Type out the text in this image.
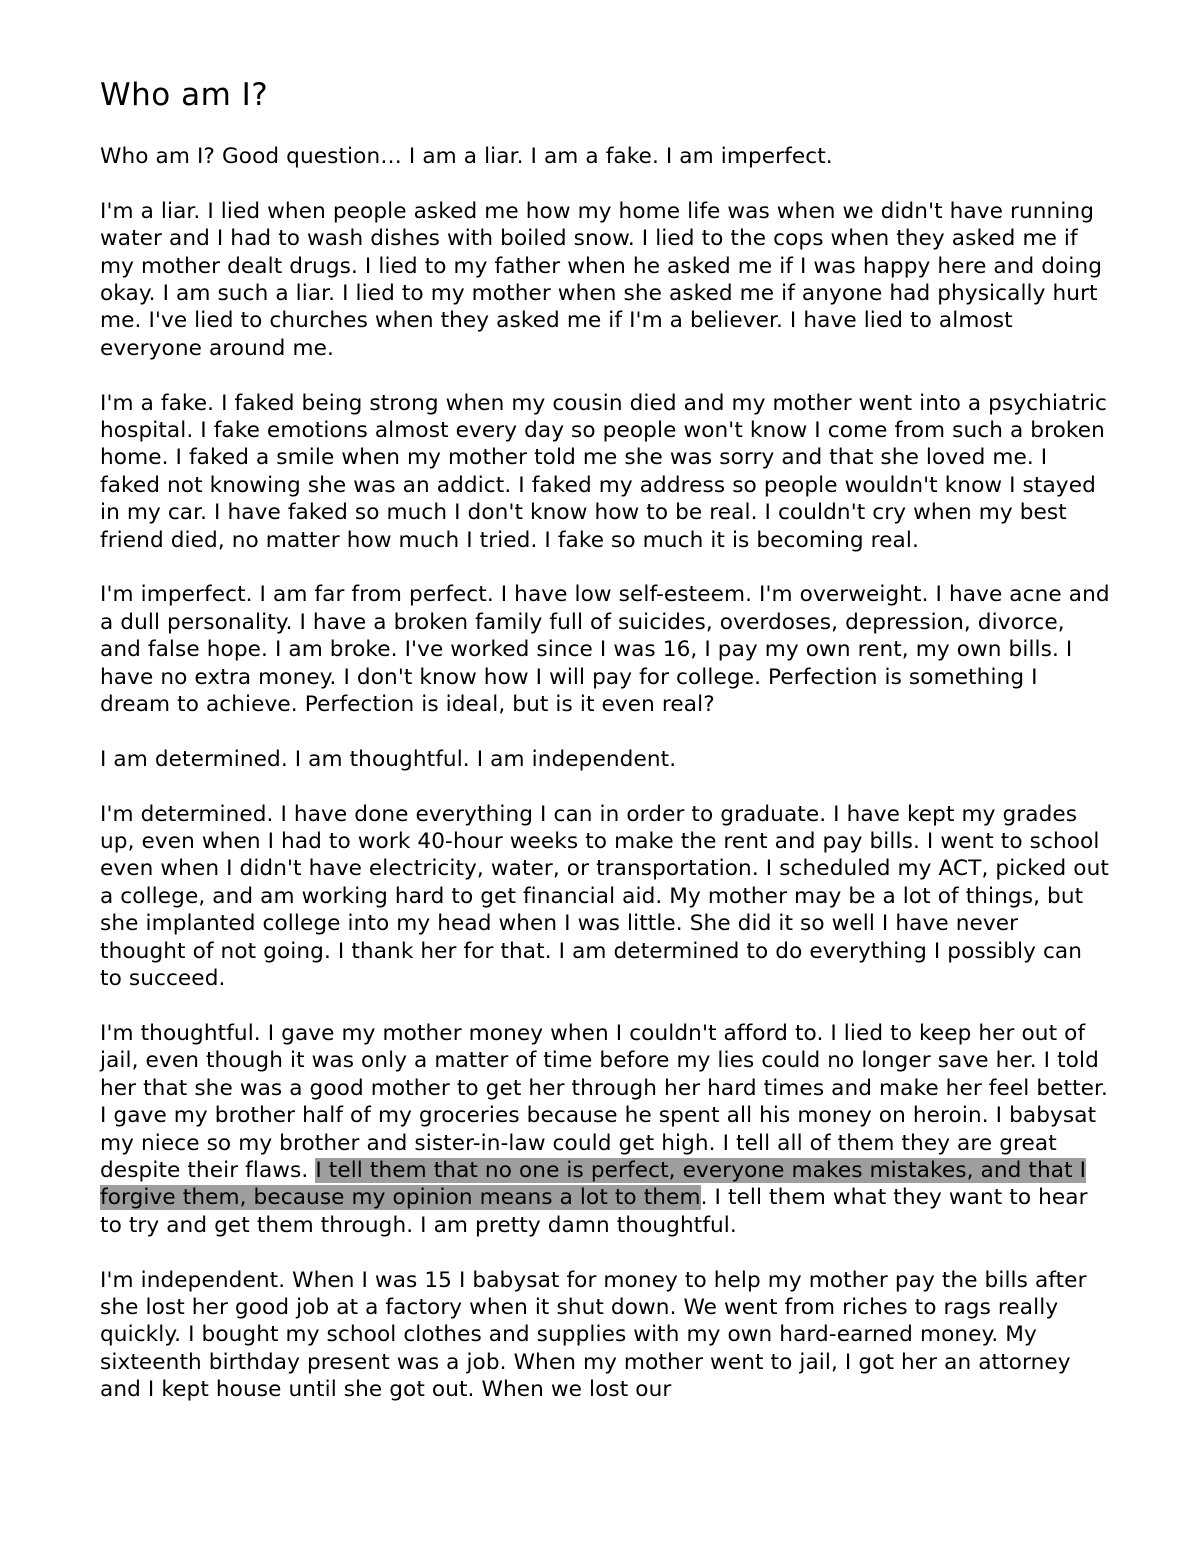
Who am I?

Who am I? Good question… I am a liar. I am a fake. I am imperfect.

I'm a liar. I lied when people asked me how my home life was when we didn't have running water and I had to wash dishes with boiled snow. I lied to the cops when they asked me if my mother dealt drugs. I lied to my father when he asked me if I was happy here and doing okay. I am such a liar. I lied to my mother when she asked me if anyone had physically hurt me. I've lied to churches when they asked me if I'm a believer. I have lied to almost everyone around me.

I'm a fake. I faked being strong when my cousin died and my mother went into a psychiatric hospital. I fake emotions almost every day so people won't know I come from such a broken home. I faked a smile when my mother told me she was sorry and that she loved me. I faked not knowing she was an addict. I faked my address so people wouldn't know I stayed in my car. I have faked so much I don't know how to be real. I couldn't cry when my best friend died, no matter how much I tried. I fake so much it is becoming real.

I'm imperfect. I am far from perfect. I have low self-esteem. I'm overweight. I have acne and a dull personality. I have a broken family full of suicides, overdoses, depression, divorce, and false hope. I am broke. I've worked since I was 16, I pay my own rent, my own bills. I have no extra money. I don't know how I will pay for college. Perfection is something I dream to achieve. Perfection is ideal, but is it even real?

I am determined. I am thoughtful. I am independent.

I'm determined. I have done everything I can in order to graduate. I have kept my grades up, even when I had to work 40-hour weeks to make the rent and pay bills. I went to school even when I didn't have electricity, water, or transportation. I scheduled my ACT, picked out a college, and am working hard to get financial aid. My mother may be a lot of things, but she implanted college into my head when I was little. She did it so well I have never thought of not going. I thank her for that. I am determined to do everything I possibly can to succeed.

I'm thoughtful. I gave my mother money when I couldn't afford to. I lied to keep her out of jail, even though it was only a matter of time before my lies could no longer save her. I told her that she was a good mother to get her through her hard times and make her feel better. I gave my brother half of my groceries because he spent all his money on heroin. I babysat my niece so my brother and sister-in-law could get high. I tell all of them they are great despite their flaws. I tell them that no one is perfect, everyone makes mistakes, and that I forgive them, because my opinion means a lot to them. I tell them what they want to hear to try and get them through. I am pretty damn thoughtful.

I'm independent. When I was 15 I babysat for money to help my mother pay the bills after she lost her good job at a factory when it shut down. We went from riches to rags really quickly. I bought my school clothes and supplies with my own hard-earned money. My sixteenth birthday present was a job. When my mother went to jail, I got her an attorney and I kept house until she got out. When we lost our
